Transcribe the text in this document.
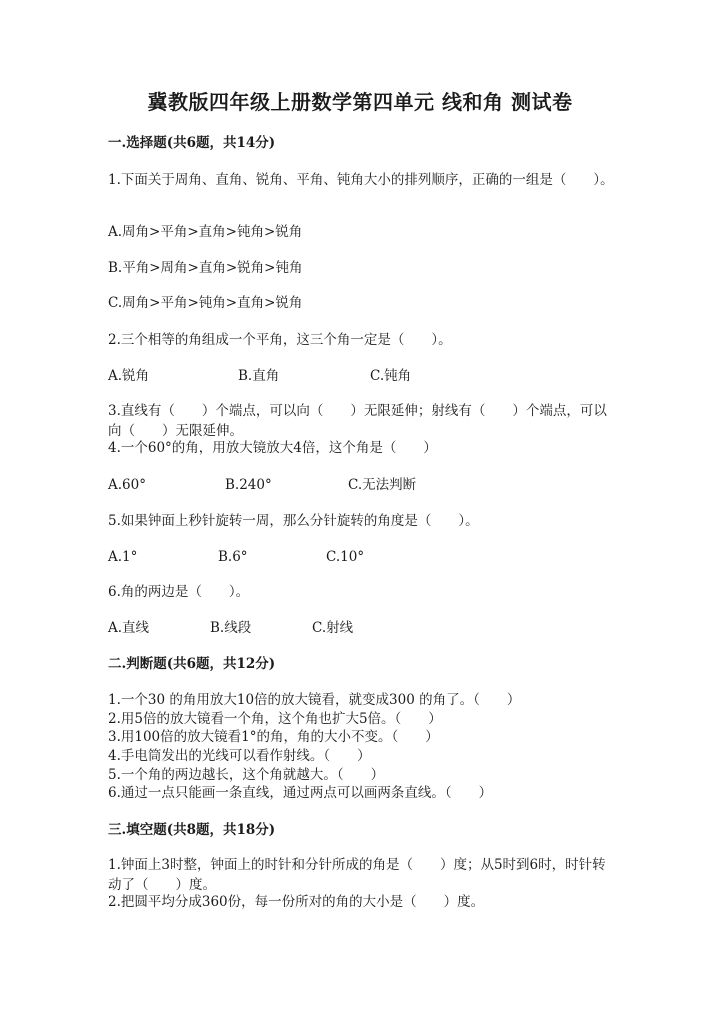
冀教版四年级上册数学第四单元 线和角 测试卷
一.选择题(共6题，共14分)
1.下面关于周角、直角、锐角、平角、钝角大小的排列顺序，正确的一组是（　　）。
A.周角>平角>直角>钝角>锐角
B.平角>周角>直角>锐角>钝角
C.周角>平角>钝角>直角>锐角
2.三个相等的角组成一个平角，这三个角一定是（　　）。
A.锐角	B.直角	C.钝角
3.直线有（　　）个端点，可以向（　　）无限延伸；射线有（　　）个端点，可以向（　　）无限延伸。
4.一个60°的角，用放大镜放大4倍，这个角是（　　）
A.60°	B.240°	C.无法判断
5.如果钟面上秒针旋转一周，那么分针旋转的角度是（　　）。
A.1°	B.6°	C.10°
6.角的两边是（　　）。
A.直线	B.线段	C.射线
二.判断题(共6题，共12分)
1.一个30 的角用放大10倍的放大镜看，就变成300 的角了。（　　）
2.用5倍的放大镜看一个角，这个角也扩大5倍。（　　）
3.用100倍的放大镜看1°的角，角的大小不变。（　　）
4.手电筒发出的光线可以看作射线。（　　）
5.一个角的两边越长，这个角就越大。（　　）
6.通过一点只能画一条直线，通过两点可以画两条直线。（　　）
三.填空题(共8题，共18分)
1.钟面上3时整，钟面上的时针和分针所成的角是（　　）度；从5时到6时，时针转动了（　　）度。
2.把圆平均分成360份，每一份所对的角的大小是（　　）度。
